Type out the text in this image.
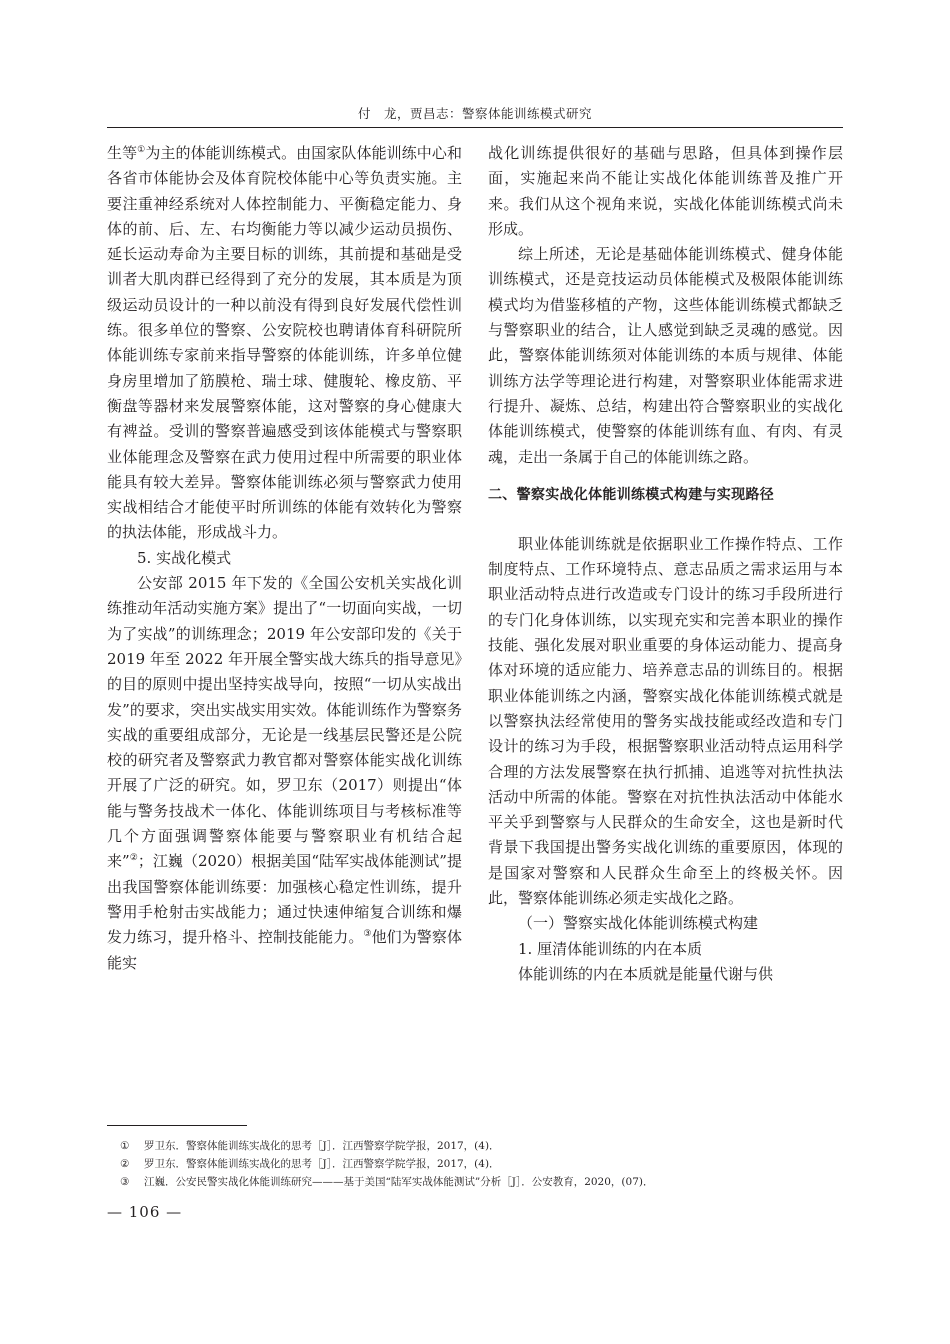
付　龙，贾昌志：警察体能训练模式研究

生等①为主的体能训练模式。由国家队体能训练中心和各省市体能协会及体育院校体能中心等负责实施。主要注重神经系统对人体控制能力、平衡稳定能力、身体的前、后、左、右均衡能力等以减少运动员损伤、延长运动寿命为主要目标的训练，其前提和基础是受训者大肌肉群已经得到了充分的发展，其本质是为顶级运动员设计的一种以前没有得到良好发展代偿性训练。很多单位的警察、公安院校也聘请体育科研院所体能训练专家前来指导警察的体能训练，许多单位健身房里增加了筋膜枪、瑞士球、健腹轮、橡皮筋、平衡盘等器材来发展警察体能，这对警察的身心健康大有裨益。受训的警察普遍感受到该体能模式与警察职业体能理念及警察在武力使用过程中所需要的职业体能具有较大差异。警察体能训练必须与警察武力使用实战相结合才能使平时所训练的体能有效转化为警察的执法体能，形成战斗力。

5. 实战化模式

公安部 2015 年下发的《全国公安机关实战化训练推动年活动实施方案》提出了“一切面向实战，一切为了实战”的训练理念；2019 年公安部印发的《关于 2019 年至 2022 年开展全警实战大练兵的指导意见》的目的原则中提出坚持实战导向，按照“一切从实战出发”的要求，突出实战实用实效。体能训练作为警察务实战的重要组成部分，无论是一线基层民警还是公院校的研究者及警察武力教官都对警察体能实战化训练开展了广泛的研究。如，罗卫东（2017）则提出“体能与警务技战术一体化、体能训练项目与考核标准等几个方面强调警察体能要与警察职业有机结合起来”②；江巍（2020）根据美国“陆军实战体能测试”提出我国警察体能训练要：加强核心稳定性训练，提升警用手枪射击实战能力；通过快速伸缩复合训练和爆发力练习，提升格斗、控制技能能力。③他们为警察体能实

战化训练提供很好的基础与思路，但具体到操作层面，实施起来尚不能让实战化体能训练普及推广开来。我们从这个视角来说，实战化体能训练模式尚未形成。

综上所述，无论是基础体能训练模式、健身体能训练模式，还是竞技运动员体能模式及极限体能训练模式均为借鉴移植的产物，这些体能训练模式都缺乏与警察职业的结合，让人感觉到缺乏灵魂的感觉。因此，警察体能训练须对体能训练的本质与规律、体能训练方法学等理论进行构建，对警察职业体能需求进行提升、凝炼、总结，构建出符合警察职业的实战化体能训练模式，使警察的体能训练有血、有肉、有灵魂，走出一条属于自己的体能训练之路。

二、警察实战化体能训练模式构建与实现路径

职业体能训练就是依据职业工作操作特点、工作制度特点、工作环境特点、意志品质之需求运用与本职业活动特点进行改造或专门设计的练习手段所进行的专门化身体训练，以实现充实和完善本职业的操作技能、强化发展对职业重要的身体运动能力、提高身体对环境的适应能力、培养意志品的训练目的。根据职业体能训练之内涵，警察实战化体能训练模式就是以警察执法经常使用的警务实战技能或经改造和专门设计的练习为手段，根据警察职业活动特点运用科学合理的方法发展警察在执行抓捕、追逃等对抗性执法活动中所需的体能。警察在对抗性执法活动中体能水平关乎到警察与人民群众的生命安全，这也是新时代背景下我国提出警务实战化训练的重要原因，体现的是国家对警察和人民群众生命至上的终极关怀。因此，警察体能训练必须走实战化之路。

（一）警察实战化体能训练模式构建

1. 厘清体能训练的内在本质

体能训练的内在本质就是能量代谢与供

① 罗卫东．警察体能训练实战化的思考［J］．江西警察学院学报，2017，(4)．
② 罗卫东．警察体能训练实战化的思考［J］．江西警察学院学报，2017，(4)．
③ 江巍．公安民警实战化体能训练研究———基于美国“陆军实战体能测试”分析［J］．公安教育，2020，(07)．
— 106 —
